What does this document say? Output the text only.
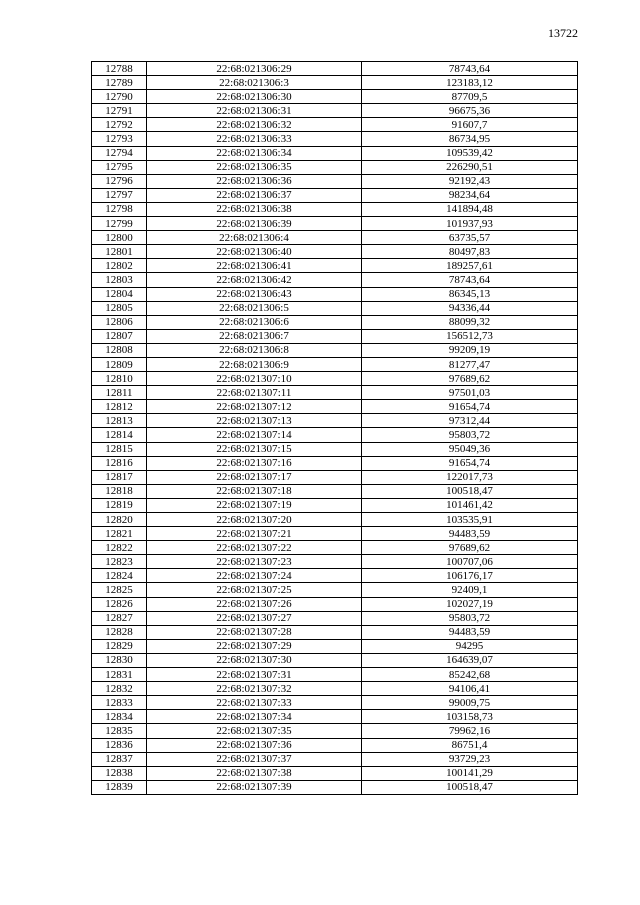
13722
12788	22:68:021306:29	78743,64
12789	22:68:021306:3	123183,12
12790	22:68:021306:30	87709,5
12791	22:68:021306:31	96675,36
12792	22:68:021306:32	91607,7
12793	22:68:021306:33	86734,95
12794	22:68:021306:34	109539,42
12795	22:68:021306:35	226290,51
12796	22:68:021306:36	92192,43
12797	22:68:021306:37	98234,64
12798	22:68:021306:38	141894,48
12799	22:68:021306:39	101937,93
12800	22:68:021306:4	63735,57
12801	22:68:021306:40	80497,83
12802	22:68:021306:41	189257,61
12803	22:68:021306:42	78743,64
12804	22:68:021306:43	86345,13
12805	22:68:021306:5	94336,44
12806	22:68:021306:6	88099,32
12807	22:68:021306:7	156512,73
12808	22:68:021306:8	99209,19
12809	22:68:021306:9	81277,47
12810	22:68:021307:10	97689,62
12811	22:68:021307:11	97501,03
12812	22:68:021307:12	91654,74
12813	22:68:021307:13	97312,44
12814	22:68:021307:14	95803,72
12815	22:68:021307:15	95049,36
12816	22:68:021307:16	91654,74
12817	22:68:021307:17	122017,73
12818	22:68:021307:18	100518,47
12819	22:68:021307:19	101461,42
12820	22:68:021307:20	103535,91
12821	22:68:021307:21	94483,59
12822	22:68:021307:22	97689,62
12823	22:68:021307:23	100707,06
12824	22:68:021307:24	106176,17
12825	22:68:021307:25	92409,1
12826	22:68:021307:26	102027,19
12827	22:68:021307:27	95803,72
12828	22:68:021307:28	94483,59
12829	22:68:021307:29	94295
12830	22:68:021307:30	164639,07
12831	22:68:021307:31	85242,68
12832	22:68:021307:32	94106,41
12833	22:68:021307:33	99009,75
12834	22:68:021307:34	103158,73
12835	22:68:021307:35	79962,16
12836	22:68:021307:36	86751,4
12837	22:68:021307:37	93729,23
12838	22:68:021307:38	100141,29
12839	22:68:021307:39	100518,47
